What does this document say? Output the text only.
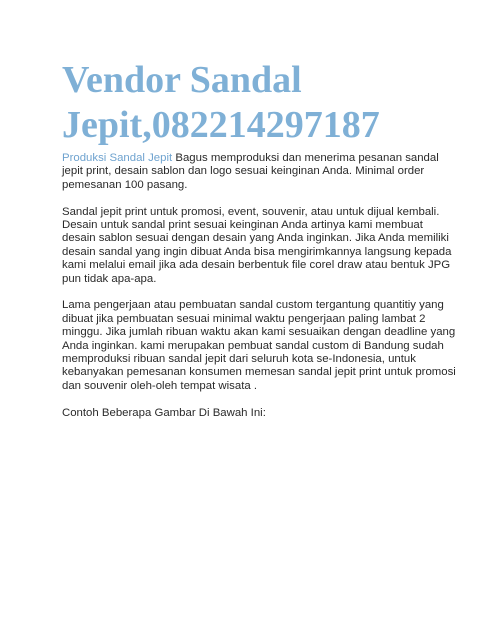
Vendor Sandal
Jepit,082214297187

Produksi Sandal Jepit Bagus memproduksi dan menerima pesanan sandal
jepit print, desain sablon dan logo sesuai keinginan Anda. Minimal order
pemesanan 100 pasang.

Sandal jepit print untuk promosi, event, souvenir, atau untuk dijual kembali.
Desain untuk sandal print sesuai keinginan Anda artinya kami membuat
desain sablon sesuai dengan desain yang Anda inginkan. Jika Anda memiliki
desain sandal yang ingin dibuat Anda bisa mengirimkannya langsung kepada
kami melalui email jika ada desain berbentuk file corel draw atau bentuk JPG
pun tidak apa-apa.

Lama pengerjaan atau pembuatan sandal custom tergantung quantitiy yang
dibuat jika pembuatan sesuai minimal waktu pengerjaan paling lambat 2
minggu. Jika jumlah ribuan waktu akan kami sesuaikan dengan deadline yang
Anda inginkan. kami merupakan pembuat sandal custom di Bandung sudah
memproduksi ribuan sandal jepit dari seluruh kota se-Indonesia, untuk
kebanyakan pemesanan konsumen memesan sandal jepit print untuk promosi
dan souvenir oleh-oleh tempat wisata .

Contoh Beberapa Gambar Di Bawah Ini:
